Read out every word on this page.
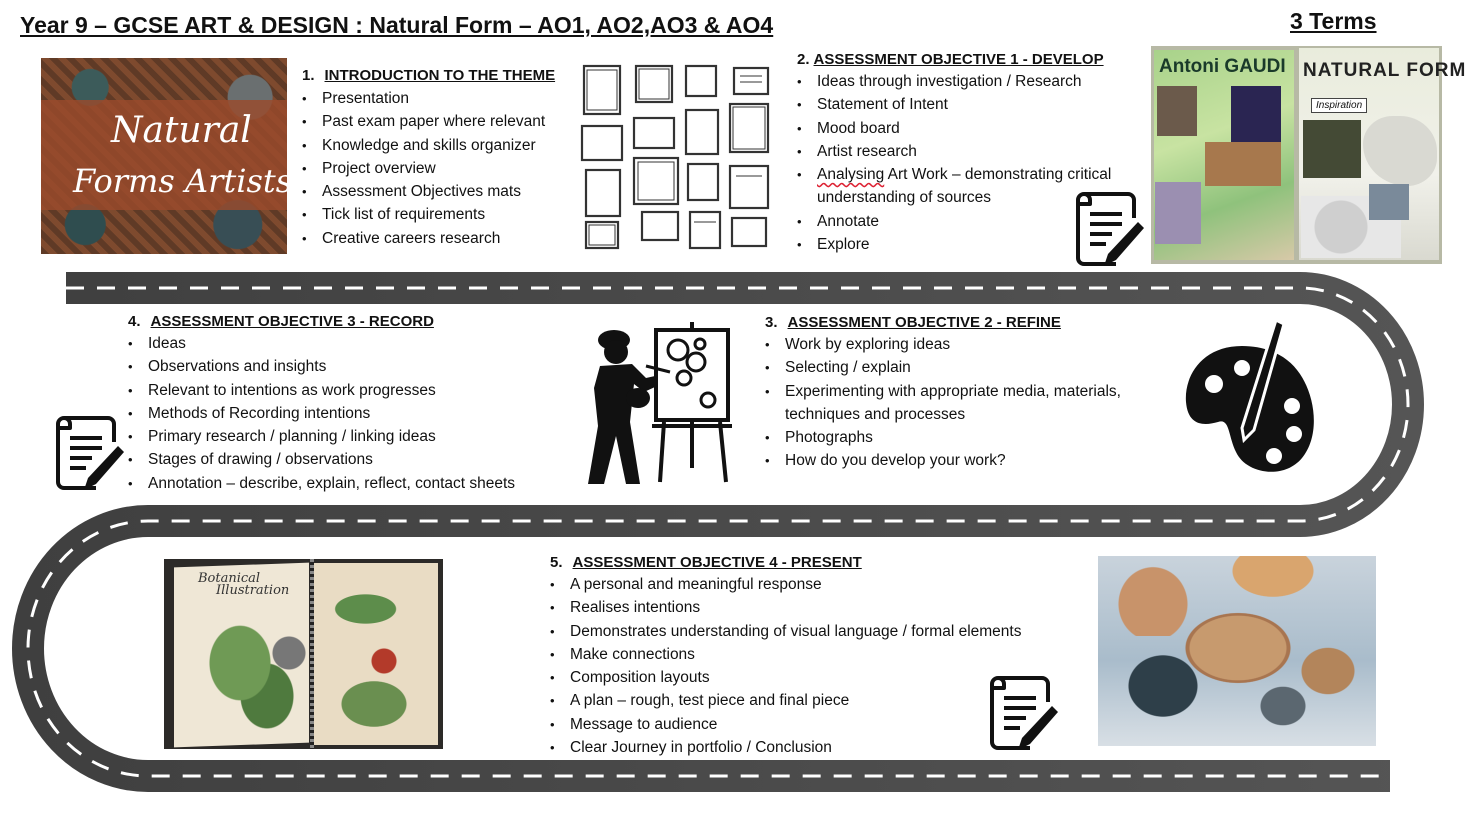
Year 9 – GCSE ART & DESIGN : Natural Form – AO1, AO2,AO3 & AO4	3 Terms
Natural
Forms Artists
1. INTRODUCTION TO THE THEME
• Presentation
• Past exam paper where relevant
• Knowledge and skills organizer
• Project overview
• Assessment Objectives mats
• Tick list of requirements
• Creative careers research
2. ASSESSMENT OBJECTIVE 1 - DEVELOP
• Ideas through investigation / Research
• Statement of Intent
• Mood board
• Artist research
• Analysing Art Work – demonstrating critical
understanding of sources
• Annotate
• Explore
Antoni GAUDI NATURAL FORM
Inspiration
4. ASSESSMENT OBJECTIVE 3 - RECORD
• Ideas
• Observations and insights
• Relevant to intentions as work progresses
• Methods of Recording intentions
• Primary research / planning / linking ideas
• Stages of drawing / observations
• Annotation – describe, explain, reflect, contact sheets
3. ASSESSMENT OBJECTIVE 2 - REFINE
• Work by exploring ideas
• Selecting / explain
• Experimenting with appropriate media, materials,
techniques and processes
• Photographs
• How do you develop your work?
Botanical
Illustration
5. ASSESSMENT OBJECTIVE 4 - PRESENT
• A personal and meaningful response
• Realises intentions
• Demonstrates understanding of visual language / formal elements
• Make connections
• Composition layouts
• A plan – rough, test piece and final piece
• Message to audience
• Clear Journey in portfolio / Conclusion
